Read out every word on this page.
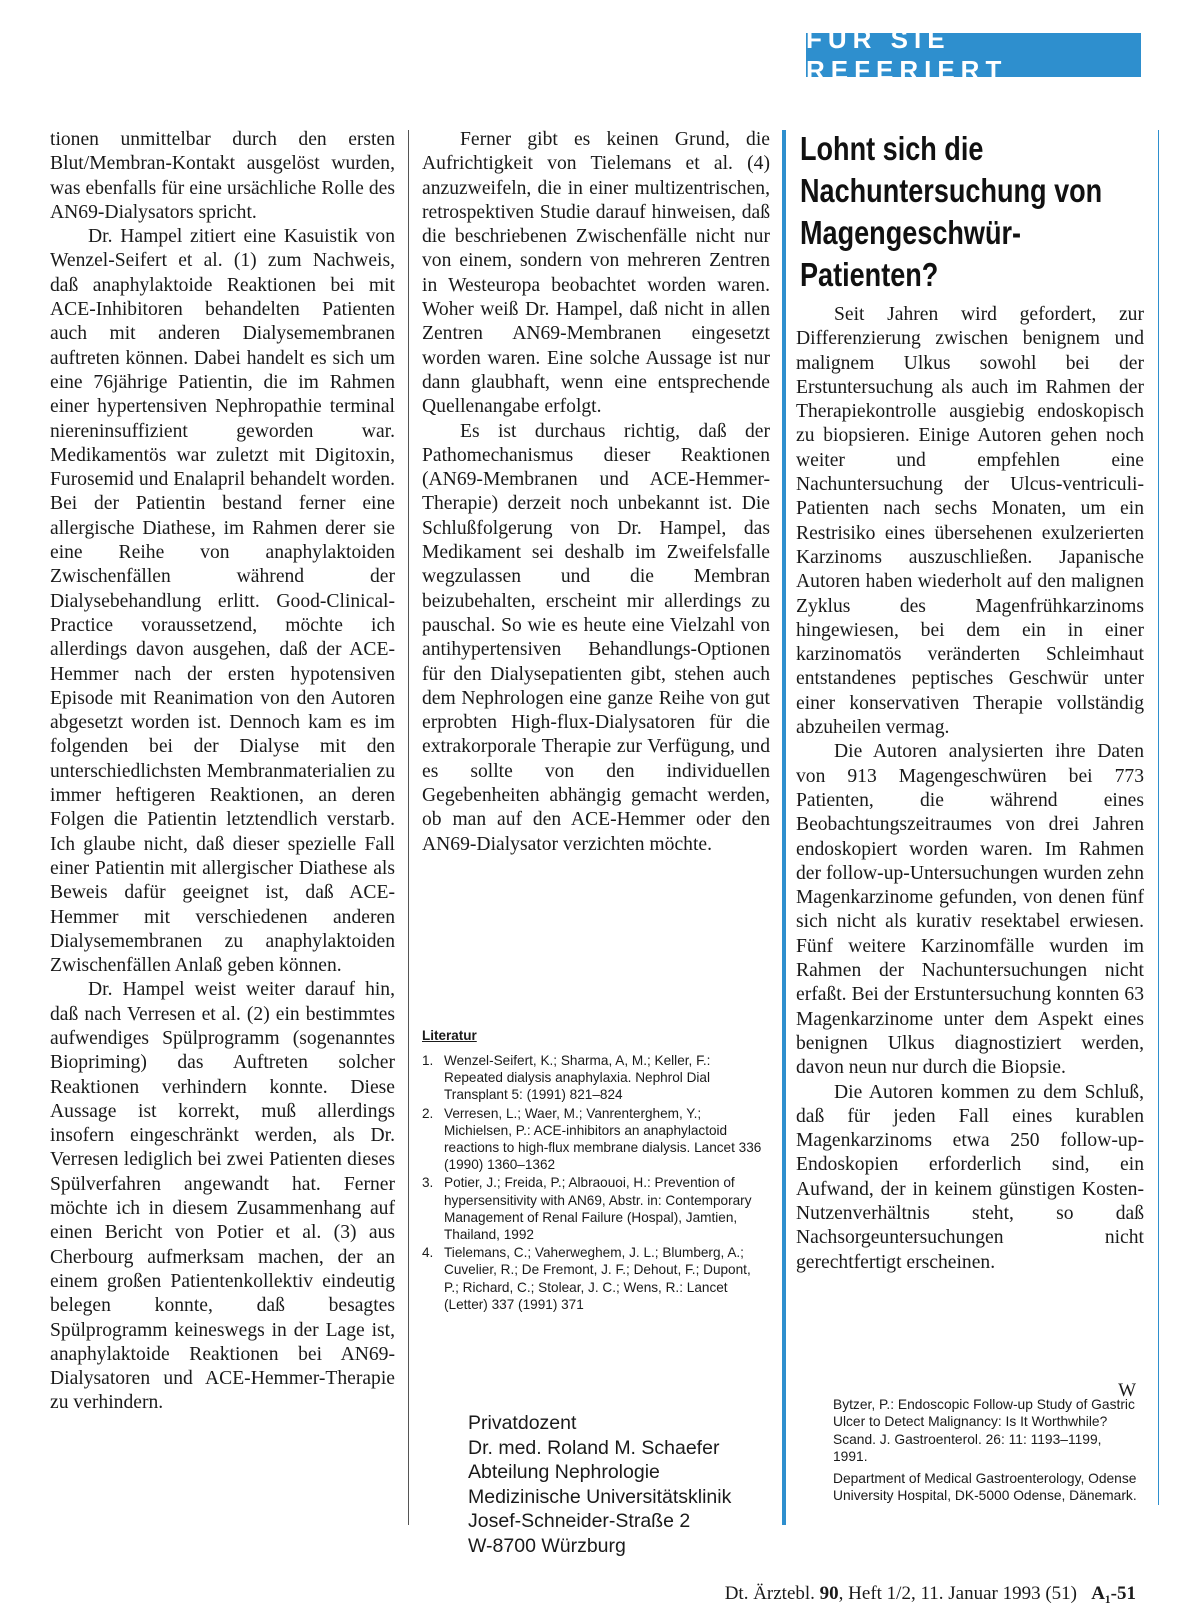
FÜR SIE REFERIERT

tionen unmittelbar durch den ersten Blut/Membran-Kontakt ausgelöst wurden, was ebenfalls für eine ursächliche Rolle des AN69-Dialysators spricht.

Dr. Hampel zitiert eine Kasuistik von Wenzel-Seifert et al. (1) zum Nachweis, daß anaphylaktoide Reaktionen bei mit ACE-Inhibitoren behandelten Patienten auch mit anderen Dialysemembranen auftreten können. Dabei handelt es sich um eine 76jährige Patientin, die im Rahmen einer hypertensiven Nephropathie terminal niereninsuffizient geworden war. Medikamentös war zuletzt mit Digitoxin, Furosemid und Enalapril behandelt worden. Bei der Patientin bestand ferner eine allergische Diathese, im Rahmen derer sie eine Reihe von anaphylaktoiden Zwischenfällen während der Dialysebehandlung erlitt. Good-Clinical-Practice voraussetzend, möchte ich allerdings davon ausgehen, daß der ACE-Hemmer nach der ersten hypotensiven Episode mit Reanimation von den Autoren abgesetzt worden ist. Dennoch kam es im folgenden bei der Dialyse mit den unterschiedlichsten Membranmaterialien zu immer heftigeren Reaktionen, an deren Folgen die Patientin letztendlich verstarb. Ich glaube nicht, daß dieser spezielle Fall einer Patientin mit allergischer Diathese als Beweis dafür geeignet ist, daß ACE-Hemmer mit verschiedenen anderen Dialysemembranen zu anaphylaktoiden Zwischenfällen Anlaß geben können.

Dr. Hampel weist weiter darauf hin, daß nach Verresen et al. (2) ein bestimmtes aufwendiges Spülprogramm (sogenanntes Biopriming) das Auftreten solcher Reaktionen verhindern konnte. Diese Aussage ist korrekt, muß allerdings insofern eingeschränkt werden, als Dr. Verresen lediglich bei zwei Patienten dieses Spülverfahren angewandt hat. Ferner möchte ich in diesem Zusammenhang auf einen Bericht von Potier et al. (3) aus Cherbourg aufmerksam machen, der an einem großen Patientenkollektiv eindeutig belegen konnte, daß besagtes Spülprogramm keineswegs in der Lage ist, anaphylaktoide Reaktionen bei AN69-Dialysatoren und ACE-Hemmer-Therapie zu verhindern.

Ferner gibt es keinen Grund, die Aufrichtigkeit von Tielemans et al. (4) anzuzweifeln, die in einer multizentrischen, retrospektiven Studie darauf hinweisen, daß die beschriebenen Zwischenfälle nicht nur von einem, sondern von mehreren Zentren in Westeuropa beobachtet worden waren. Woher weiß Dr. Hampel, daß nicht in allen Zentren AN69-Membranen eingesetzt worden waren. Eine solche Aussage ist nur dann glaubhaft, wenn eine entsprechende Quellenangabe erfolgt.

Es ist durchaus richtig, daß der Pathomechanismus dieser Reaktionen (AN69-Membranen und ACE-Hemmer-Therapie) derzeit noch unbekannt ist. Die Schlußfolgerung von Dr. Hampel, das Medikament sei deshalb im Zweifelsfalle wegzulassen und die Membran beizubehalten, erscheint mir allerdings zu pauschal. So wie es heute eine Vielzahl von antihypertensiven Behandlungs-Optionen für den Dialysepatienten gibt, stehen auch dem Nephrologen eine ganze Reihe von gut erprobten High-flux-Dialysatoren für die extrakorporale Therapie zur Verfügung, und es sollte von den individuellen Gegebenheiten abhängig gemacht werden, ob man auf den ACE-Hemmer oder den AN69-Dialysator verzichten möchte.

Literatur
1. Wenzel-Seifert, K.; Sharma, A, M.; Keller, F.: Repeated dialysis anaphylaxia. Nephrol Dial Transplant 5: (1991) 821–824
2. Verresen, L.; Waer, M.; Vanrenterghem, Y.; Michielsen, P.: ACE-inhibitors an anaphylactoid reactions to high-flux membrane dialysis. Lancet 336 (1990) 1360–1362
3. Potier, J.; Freida, P.; Albraouoi, H.: Prevention of hypersensitivity with AN69, Abstr. in: Contemporary Management of Renal Failure (Hospal), Jamtien, Thailand, 1992
4. Tielemans, C.; Vaherweghem, J. L.; Blumberg, A.; Cuvelier, R.; De Fremont, J. F.; Dehout, F.; Dupont, P.; Richard, C.; Stolear, J. C.; Wens, R.: Lancet (Letter) 337 (1991) 371
Privatdozent
Dr. med. Roland M. Schaefer
Abteilung Nephrologie
Medizinische Universitätsklinik
Josef-Schneider-Straße 2
W-8700 Würzburg
Lohnt sich die Nachuntersuchung von Magengeschwür-Patienten?

Seit Jahren wird gefordert, zur Differenzierung zwischen benignem und malignem Ulkus sowohl bei der Erstuntersuchung als auch im Rahmen der Therapiekontrolle ausgiebig endoskopisch zu biopsieren. Einige Autoren gehen noch weiter und empfehlen eine Nachuntersuchung der Ulcus-ventriculi-Patienten nach sechs Monaten, um ein Restrisiko eines übersehenen exulzerierten Karzinoms auszuschließen. Japanische Autoren haben wiederholt auf den malignen Zyklus des Magenfrühkarzinoms hingewiesen, bei dem ein in einer karzinomatös veränderten Schleimhaut entstandenes peptisches Geschwür unter einer konservativen Therapie vollständig abzuheilen vermag.

Die Autoren analysierten ihre Daten von 913 Magengeschwüren bei 773 Patienten, die während eines Beobachtungszeitraumes von drei Jahren endoskopiert worden waren. Im Rahmen der follow-up-Untersuchungen wurden zehn Magenkarzinome gefunden, von denen fünf sich nicht als kurativ resektabel erwiesen. Fünf weitere Karzinomfälle wurden im Rahmen der Nachuntersuchungen nicht erfaßt. Bei der Erstuntersuchung konnten 63 Magenkarzinome unter dem Aspekt eines benignen Ulkus diagnostiziert werden, davon neun nur durch die Biopsie.

Die Autoren kommen zu dem Schluß, daß für jeden Fall eines kurablen Magenkarzinoms etwa 250 follow-up-Endoskopien erforderlich sind, ein Aufwand, der in keinem günstigen Kosten-Nutzenverhältnis steht, so daß Nachsorgeuntersuchungen nicht gerechtfertigt erscheinen.

W

Bytzer, P.: Endoscopic Follow-up Study of Gastric Ulcer to Detect Malignancy: Is It Worthwhile? Scand. J. Gastroenterol. 26: 11: 1193–1199, 1991.

Department of Medical Gastroenterology, Odense University Hospital, DK-5000 Odense, Dänemark.

Dt. Ärztebl. 90, Heft 1/2, 11. Januar 1993 (51) A₁-51
